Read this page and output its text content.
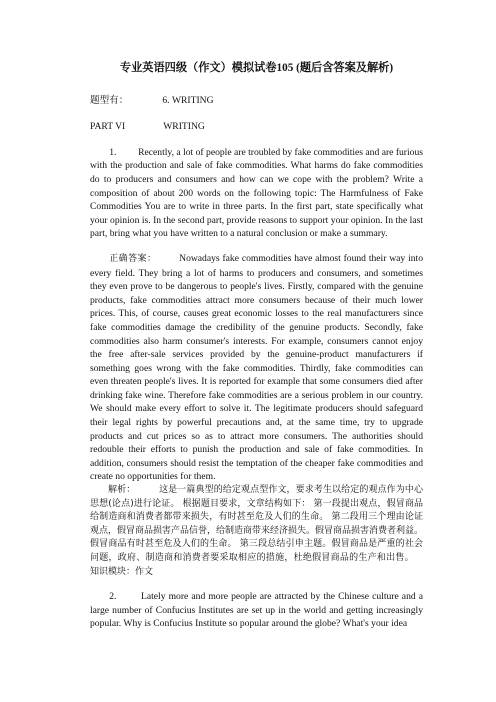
专业英语四级（作文）模拟试卷105 (题后含答案及解析)
题型有：	6. WRITING
PART VI	WRITING

1. Recently, a lot of people are troubled by fake commodities and are furious with the production and sale of fake commodities. What harms do fake commodities do to producers and consumers and how can we cope with the problem? Write a composition of about 200 words on the following topic: The Harmfulness of Fake Commodities You are to write in three parts. In the first part, state specifically what your opinion is. In the second part, provide reasons to support your opinion. In the last part, bring what you have written to a natural conclusion or make a summary.

正确答案： Nowadays fake commodities have almost found their way into every field. They bring a lot of harms to producers and consumers, and sometimes they even prove to be dangerous to people's lives. Firstly, compared with the genuine products, fake commodities attract more consumers because of their much lower prices. This, of course, causes great economic losses to the real manufacturers since fake commodities damage the credibility of the genuine products. Secondly, fake commodities also harm consumer's interests. For example, consumers cannot enjoy the free after-sale services provided by the genuine-product manufacturers if something goes wrong with the fake commodities. Thirdly, fake commodities can even threaten people's lives. It is reported for example that some consumers died after drinking fake wine. Therefore fake commodities are a serious problem in our country. We should make every effort to solve it. The legitimate producers should safeguard their legal rights by powerful precautions and, at the same time, try to upgrade products and cut prices so as to attract more consumers. The authorities should redouble their efforts to punish the production and sale of fake commodities. In addition, consumers should resist the temptation of the cheaper fake commodities and create no opportunities for them.

解析：	这是一篇典型的给定观点型作文，要求考生以给定的观点作为中心思想(论点)进行论证。 根据题目要求，文章结构如下： 第一段提出观点，假冒商品给制造商和消费者都带来损失，有时甚至危及人们的生命。 第二段用三个理由论证观点，假冒商品损害产品信誉，给制造商带来经济损失。假冒商品损害消费者利益。假冒商品有时甚至危及人们的生命。 第三段总结引申主题。假冒商品是严重的社会问题，政府、制造商和消费者要采取相应的措施，杜绝假冒商品的生产和出售。    知识模块：作文

2.	Lately more and more people are attracted by the Chinese culture and a large number of Confucius Institutes are set up in the world and getting increasingly popular. Why is Confucius Institute so popular around the globe? What's your idea
